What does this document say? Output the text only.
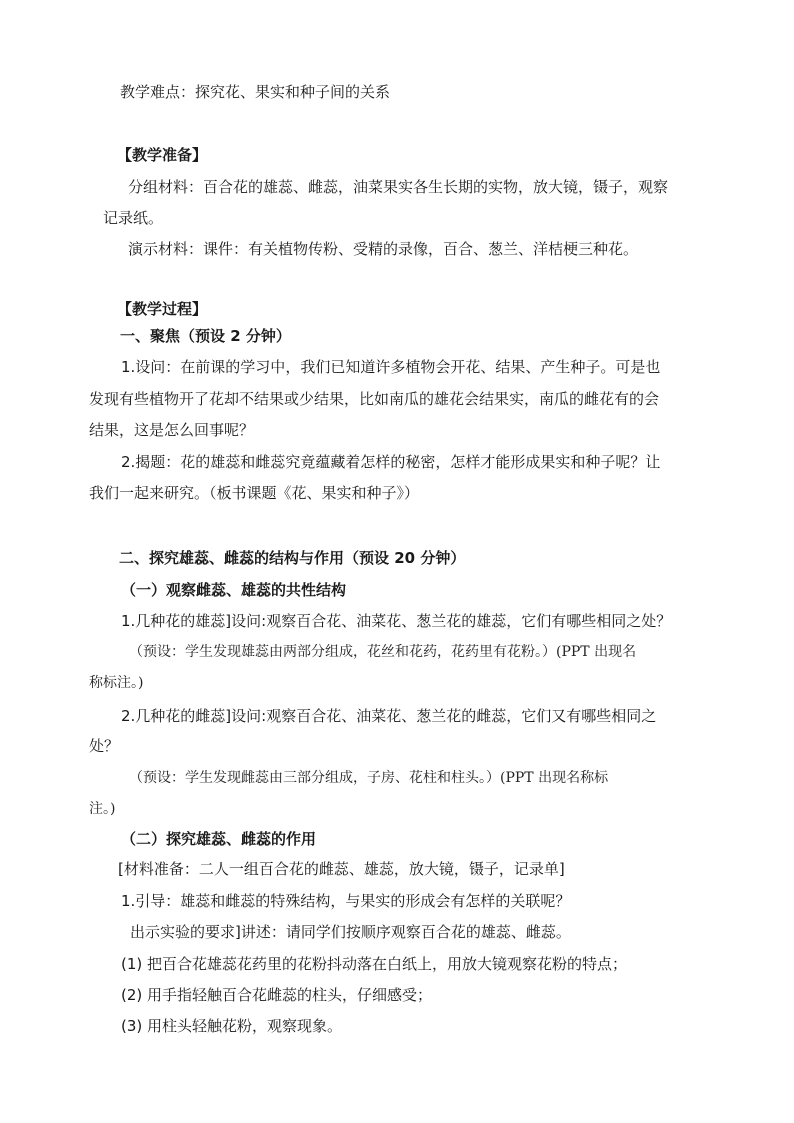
教学难点：探究花、果实和种子间的关系
【教学准备】
分组材料：百合花的雄蕊、雌蕊，油菜果实各生长期的实物，放大镜，镊子，观察
记录纸。
演示材料：课件：有关植物传粉、受精的录像，百合、葱兰、洋桔梗三种花。
【教学过程】
一、聚焦（预设 2 分钟）
1.设问：在前课的学习中，我们已知道许多植物会开花、结果、产生种子。可是也
发现有些植物开了花却不结果或少结果，比如南瓜的雄花会结果实，南瓜的雌花有的会
结果，这是怎么回事呢？
2.揭题：花的雄蕊和雌蕊究竟蕴藏着怎样的秘密，怎样才能形成果实和种子呢？让
我们一起来研究。（板书课题《花、果实和种子》）
二、探究雄蕊、雌蕊的结构与作用（预设 20 分钟）
（一）观察雌蕊、雄蕊的共性结构
1.几种花的雄蕊]设问:观察百合花、油菜花、葱兰花的雄蕊，它们有哪些相同之处？
（预设：学生发现雄蕊由两部分组成，花丝和花药，花药里有花粉。）(PPT 出现名
称标注。)
2.几种花的雌蕊]设问:观察百合花、油菜花、葱兰花的雌蕊，它们又有哪些相同之
处？
（预设：学生发现雌蕊由三部分组成，子房、花柱和柱头。）(PPT 出现名称标
注。)
（二）探究雄蕊、雌蕊的作用
[材料准备：二人一组百合花的雌蕊、雄蕊，放大镜，镊子，记录单]
1.引导：雄蕊和雌蕊的特殊结构，与果实的形成会有怎样的关联呢？
出示实验的要求]讲述：请同学们按顺序观察百合花的雄蕊、雌蕊。
(1) 把百合花雄蕊花药里的花粉抖动落在白纸上，用放大镜观察花粉的特点；
(2) 用手指轻触百合花雌蕊的柱头，仔细感受；
(3) 用柱头轻触花粉，观察现象。
